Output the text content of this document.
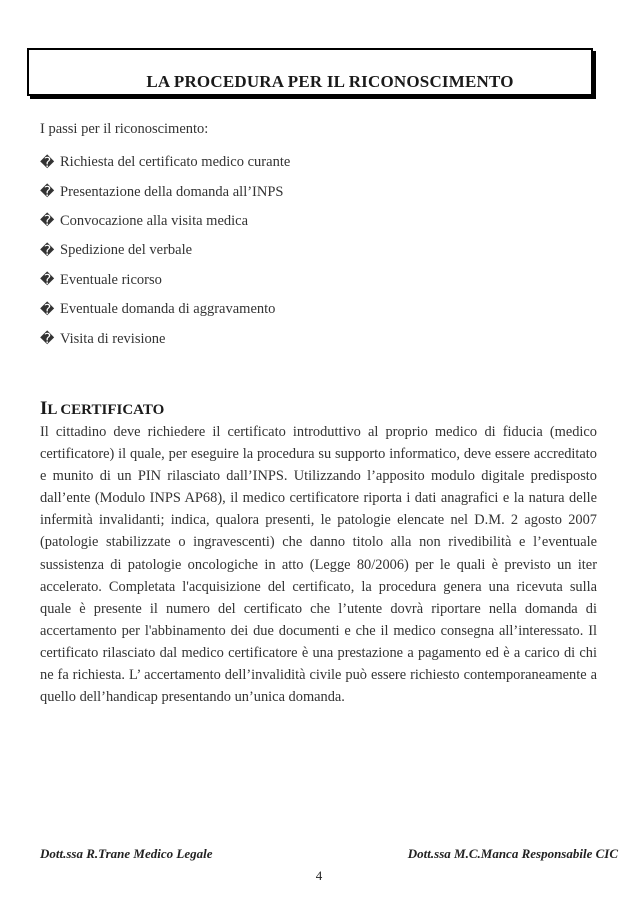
LA PROCEDURA PER IL RICONOSCIMENTO
I passi per il riconoscimento:
� Richiesta del certificato medico curante
� Presentazione della domanda all’INPS
� Convocazione alla visita medica
� Spedizione del verbale
� Eventuale ricorso
� Eventuale domanda di aggravamento
� Visita di revisione
IL CERTIFICATO
Il cittadino deve richiedere il certificato introduttivo al proprio medico di fiducia (medico certificatore) il quale, per eseguire la procedura su supporto informatico, deve essere accreditato e munito di un PIN rilasciato dall’INPS. Utilizzando l’apposito modulo digitale predisposto dall’ente (Modulo INPS AP68), il medico certificatore riporta i dati anagrafici e la natura delle infermità invalidanti; indica, qualora presenti, le patologie elencate nel D.M. 2 agosto 2007 (patologie stabilizzate o ingravescenti) che danno titolo alla non rivedibilità e l’eventuale sussistenza di patologie oncologiche in atto (Legge 80/2006) per le quali è previsto un iter accelerato. Completata l'acquisizione del certificato, la procedura genera una ricevuta sulla quale è presente il numero del certificato che l’utente dovrà riportare nella domanda di accertamento per l'abbinamento dei due documenti e che il medico consegna all’interessato. Il certificato rilasciato dal medico certificatore è una prestazione a pagamento ed è a carico di chi ne fa richiesta. L’ accertamento dell’invalidità civile può essere richiesto contemporaneamente a quello dell’handicap presentando un’unica domanda.
Dott.ssa R.Trane Medico Legale	Dott.ssa M.C.Manca Responsabile CIC
4
